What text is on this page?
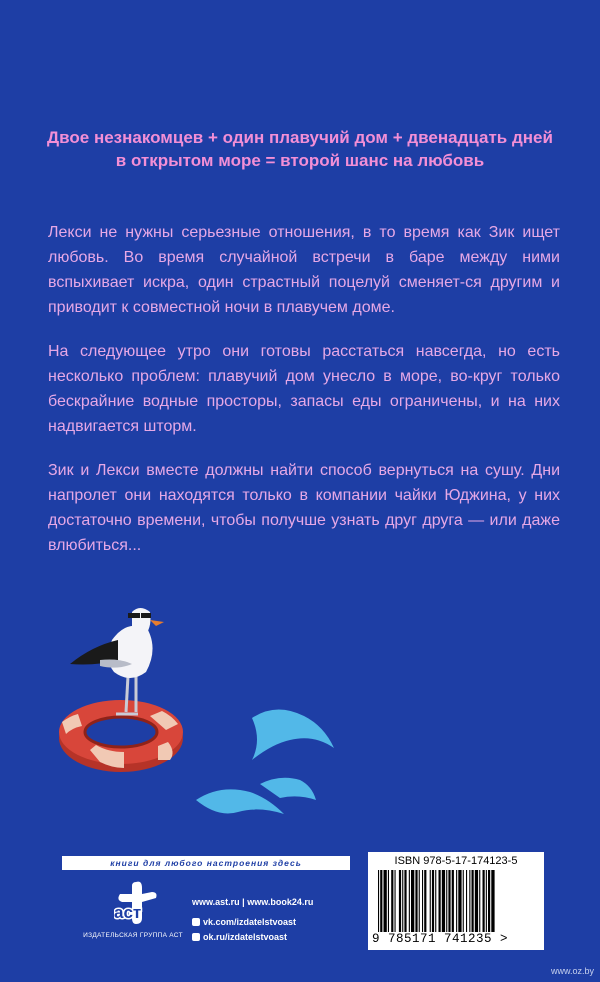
Двое незнакомцев + один плавучий дом + двенадцать дней в открытом море = второй шанс на любовь
Лекси не нужны серьезные отношения, в то время как Зик ищет любовь. Во время случайной встречи в баре между ними вспыхивает искра, один страстный поцелуй сменяет-ся другим и приводит к совместной ночи в плавучем доме.
На следующее утро они готовы расстаться навсегда, но есть несколько проблем: плавучий дом унесло в море, во-круг только бескрайние водные просторы, запасы еды ограничены, и на них надвигается шторм.
Зик и Лекси вместе должны найти способ вернуться на сушу. Дни напролет они находятся только в компании чайки Юджина, у них достаточно времени, чтобы получше узнать друг друга — или даже влюбиться...
книги для любого настроения здесь
аст
ИЗДАТЕЛЬСКАЯ ГРУППА АСТ
www.ast.ru | www.book24.ru
vk.com/izdatelstvoast
ok.ru/izdatelstvoast
ISBN 978-5-17-174123-5
9 785171 741235 >
www.oz.by
